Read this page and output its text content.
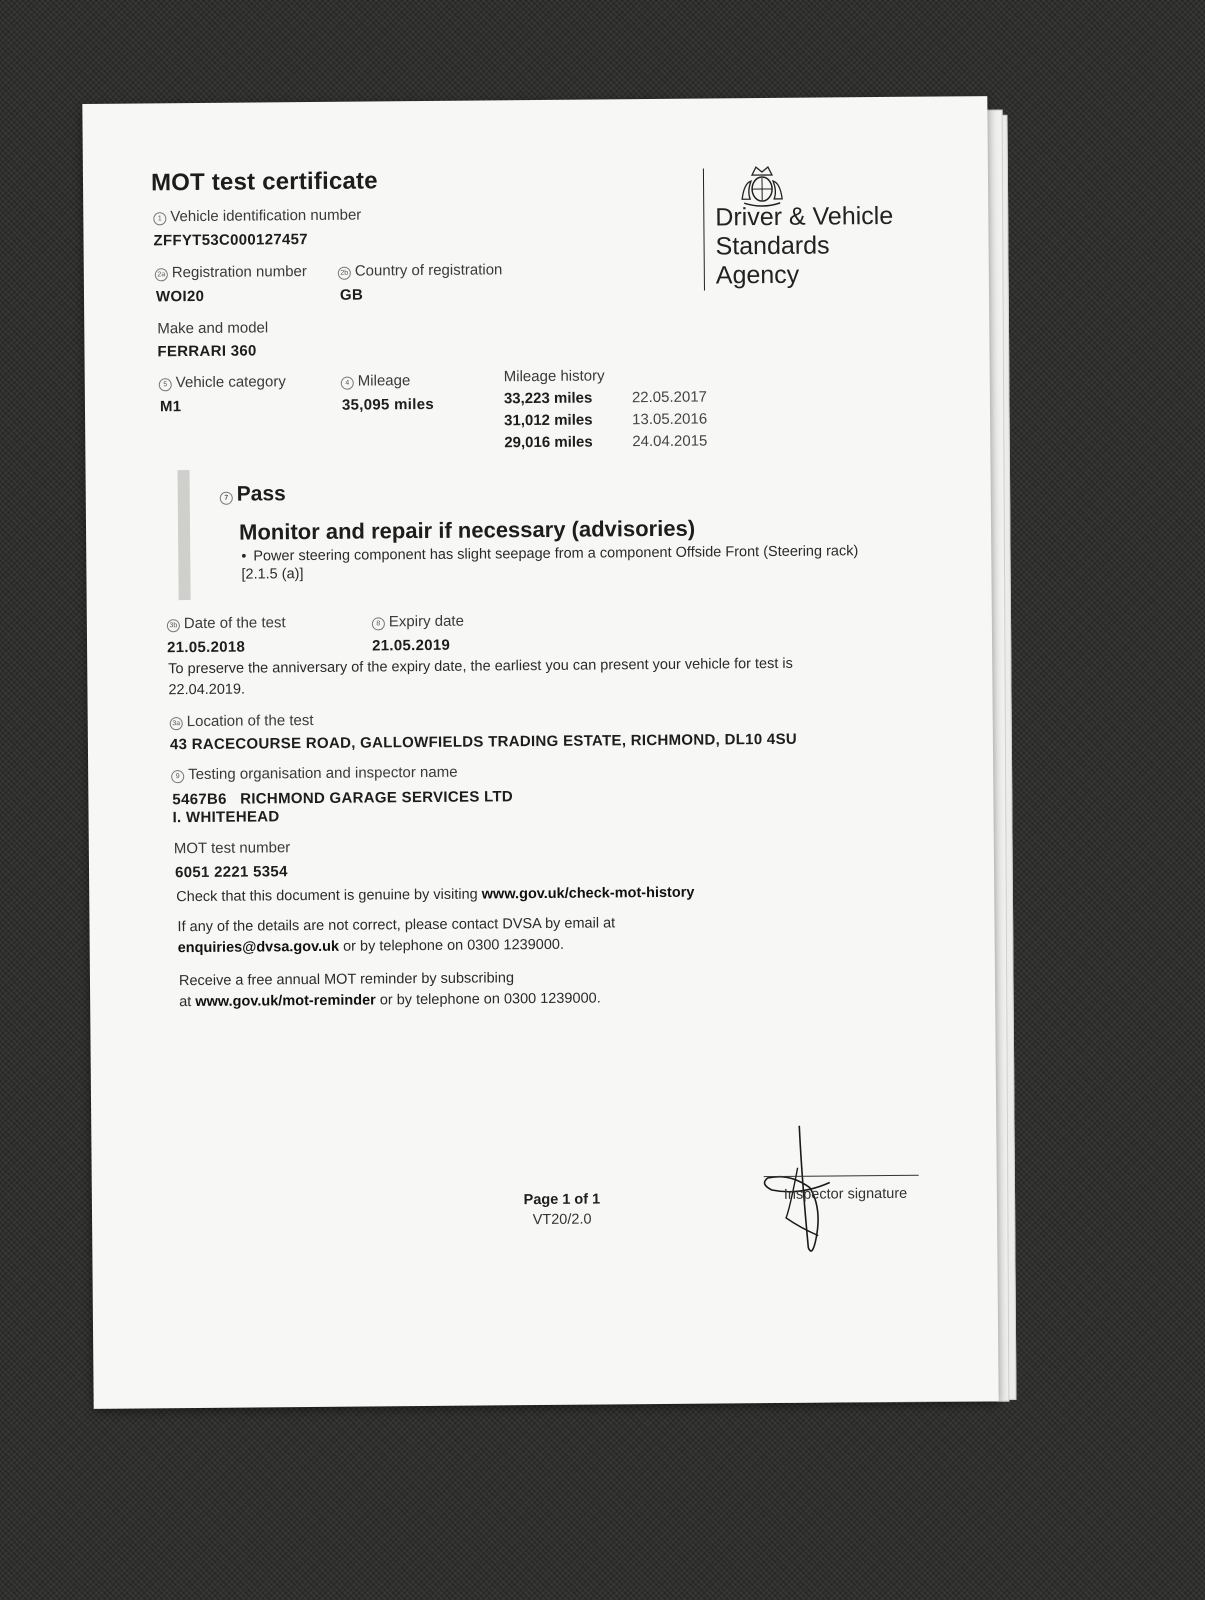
MOT test certificate
Driver & Vehicle
Standards
Agency
1 Vehicle identification number
ZFFYT53C000127457
2a Registration number
WOI20
2b Country of registration
GB
Make and model
FERRARI 360
5 Vehicle category
M1
4 Mileage
35,095 miles
Mileage history
33,223 miles	22.05.2017
31,012 miles	13.05.2016
29,016 miles	24.04.2015
7 Pass
Monitor and repair if necessary (advisories)
• Power steering component has slight seepage from a component Offside Front (Steering rack) [2.1.5 (a)]
3b Date of the test
21.05.2018
8 Expiry date
21.05.2019
To preserve the anniversary of the expiry date, the earliest you can present your vehicle for test is 22.04.2019.
3a Location of the test
43 RACECOURSE ROAD, GALLOWFIELDS TRADING ESTATE, RICHMOND, DL10 4SU
9 Testing organisation and inspector name
5467B6 RICHMOND GARAGE SERVICES LTD
I. WHITEHEAD
MOT test number
6051 2221 5354
Check that this document is genuine by visiting www.gov.uk/check-mot-history
If any of the details are not correct, please contact DVSA by email at
enquiries@dvsa.gov.uk or by telephone on 0300 1239000.
Receive a free annual MOT reminder by subscribing
at www.gov.uk/mot-reminder or by telephone on 0300 1239000.
Page 1 of 1
VT20/2.0
Inspector signature
